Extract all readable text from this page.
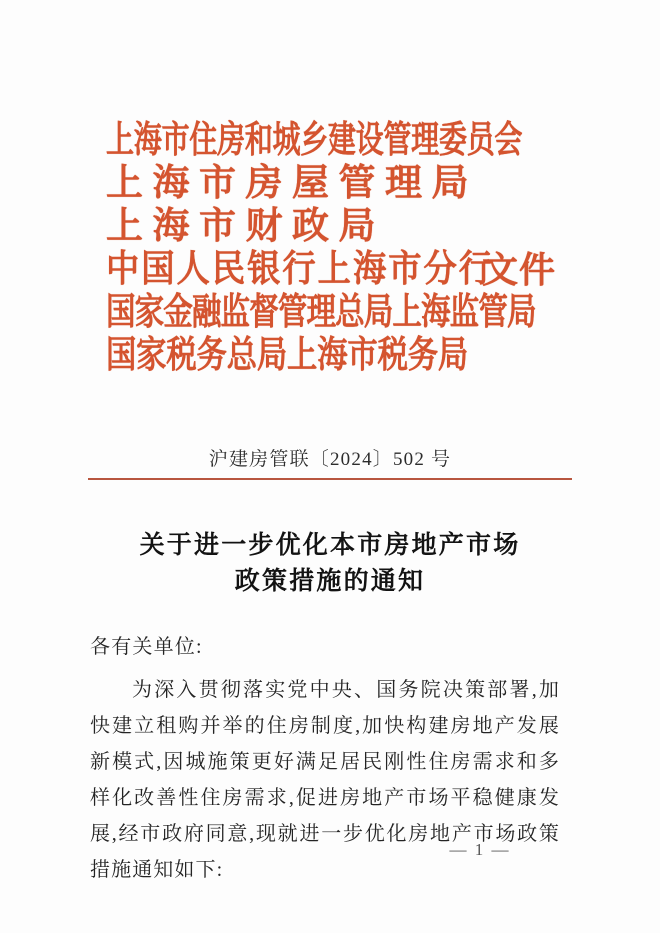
上海市住房和城乡建设管理委员会
上海市房屋管理局
上海市财政局
中国人民银行上海市分行
国家金融监督管理总局上海监管局
国家税务总局上海市税务局
文件
沪建房管联〔2024〕502 号
关于进一步优化本市房地产市场
政策措施的通知

各有关单位:

为深入贯彻落实党中央、国务院决策部署,加快建立租购并举的住房制度,加快构建房地产发展新模式,因城施策更好满足居民刚性住房需求和多样化改善性住房需求,促进房地产市场平稳健康发展,经市政府同意,现就进一步优化房地产市场政策措施通知如下:

— 1 —
